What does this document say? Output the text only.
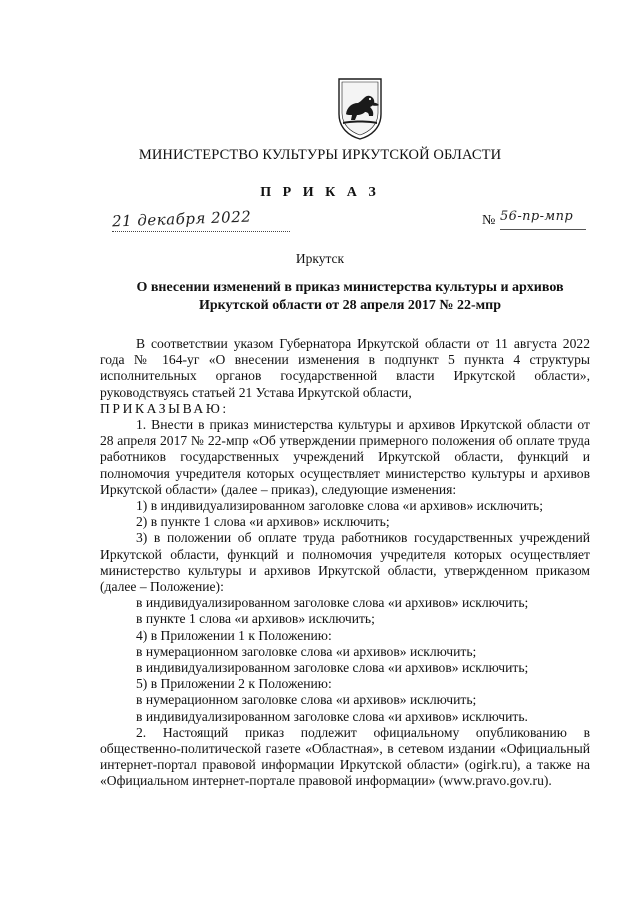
МИНИСТЕРСТВО КУЛЬТУРЫ ИРКУТСКОЙ ОБЛАСТИ
П Р И К А З
21 декабря 2022	№ 56-пр-мпр
Иркутск
О внесении изменений в приказ министерства культуры и архивов
Иркутской области от 28 апреля 2017 № 22-мпр

В соответствии указом Губернатора Иркутской области от 11 августа 2022 года № 164-уг «О внесении изменения в подпункт 5 пункта 4 структуры исполнительных органов государственной власти Иркутской области», руководствуясь статьей 21 Устава Иркутской области,

ПРИКАЗЫВАЮ:

1. Внести в приказ министерства культуры и архивов Иркутской области от 28 апреля 2017 № 22-мпр «Об утверждении примерного положения об оплате труда работников государственных учреждений Иркутской области, функций и полномочия учредителя которых осуществляет министерство культуры и архивов Иркутской области» (далее – приказ), следующие изменения:

1) в индивидуализированном заголовке слова «и архивов» исключить;

2) в пункте 1 слова «и архивов» исключить;

3) в положении об оплате труда работников государственных учреждений Иркутской области, функций и полномочия учредителя которых осуществляет министерство культуры и архивов Иркутской области, утвержденном приказом (далее – Положение):

в индивидуализированном заголовке слова «и архивов» исключить;

в пункте 1 слова «и архивов» исключить;

4) в Приложении 1 к Положению:

в нумерационном заголовке слова «и архивов» исключить;

в индивидуализированном заголовке слова «и архивов» исключить;

5) в Приложении 2 к Положению:

в нумерационном заголовке слова «и архивов» исключить;

в индивидуализированном заголовке слова «и архивов» исключить.

2. Настоящий приказ подлежит официальному опубликованию в общественно-политической газете «Областная», в сетевом издании «Официальный интернет-портал правовой информации Иркутской области» (ogirk.ru), а также на «Официальном интернет-портале правовой информации» (www.pravo.gov.ru).
